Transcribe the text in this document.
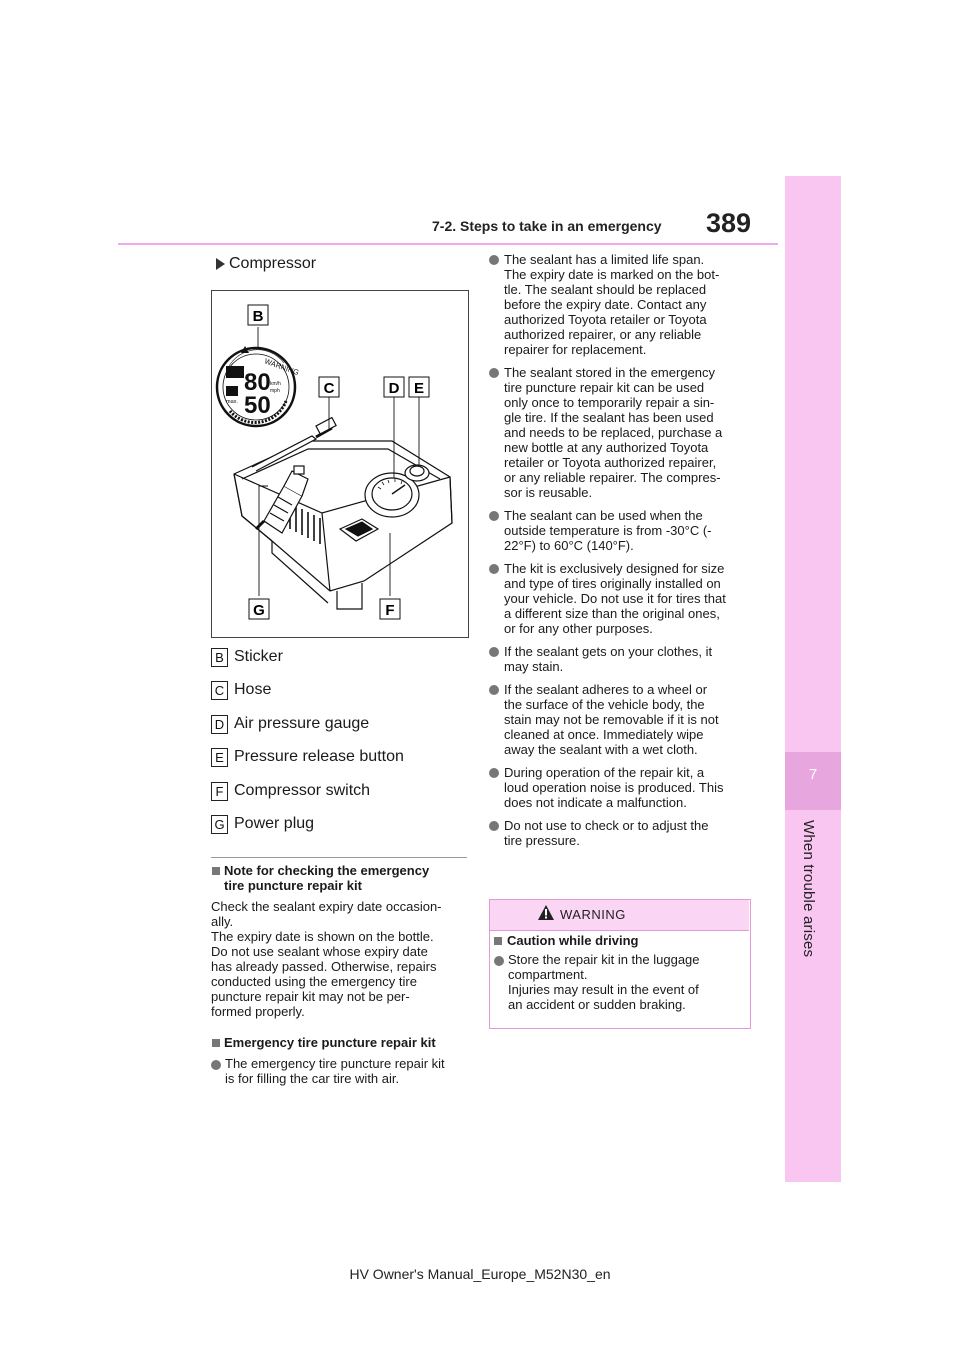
7
When trouble arises
7-2. Steps to take in an emergency 389
Compressor
WARNING
80
50
max.
km/h
mph
B
C	D E
F
G
B Sticker
C Hose
D Air pressure gauge
E Pressure release button
F Compressor switch
G Power plug
Note for checking the emergency
tire puncture repair kit
Check the sealant expiry date occasion-
ally.
The expiry date is shown on the bottle.
Do not use sealant whose expiry date
has already passed. Otherwise, repairs
conducted using the emergency tire
puncture repair kit may not be per-
formed properly.
Emergency tire puncture repair kit
The emergency tire puncture repair kit
is for filling the car tire with air.
The sealant has a limited life span.
The expiry date is marked on the bot-
tle. The sealant should be replaced
before the expiry date. Contact any
authorized Toyota retailer or Toyota
authorized repairer, or any reliable
repairer for replacement.
The sealant stored in the emergency
tire puncture repair kit can be used
only once to temporarily repair a sin-
gle tire. If the sealant has been used
and needs to be replaced, purchase a
new bottle at any authorized Toyota
retailer or Toyota authorized repairer,
or any reliable repairer. The compres-
sor is reusable.
The sealant can be used when the
outside temperature is from -30°C (-
22°F) to 60°C (140°F).
The kit is exclusively designed for size
and type of tires originally installed on
your vehicle. Do not use it for tires that
a different size than the original ones,
or for any other purposes.
If the sealant gets on your clothes, it
may stain.
If the sealant adheres to a wheel or
the surface of the vehicle body, the
stain may not be removable if it is not
cleaned at once. Immediately wipe
away the sealant with a wet cloth.
During operation of the repair kit, a
loud operation noise is produced. This
does not indicate a malfunction.
Do not use to check or to adjust the
tire pressure.
WARNING
Caution while driving
Store the repair kit in the luggage
compartment.
Injuries may result in the event of
an accident or sudden braking.
HV Owner's Manual_Europe_M52N30_en
